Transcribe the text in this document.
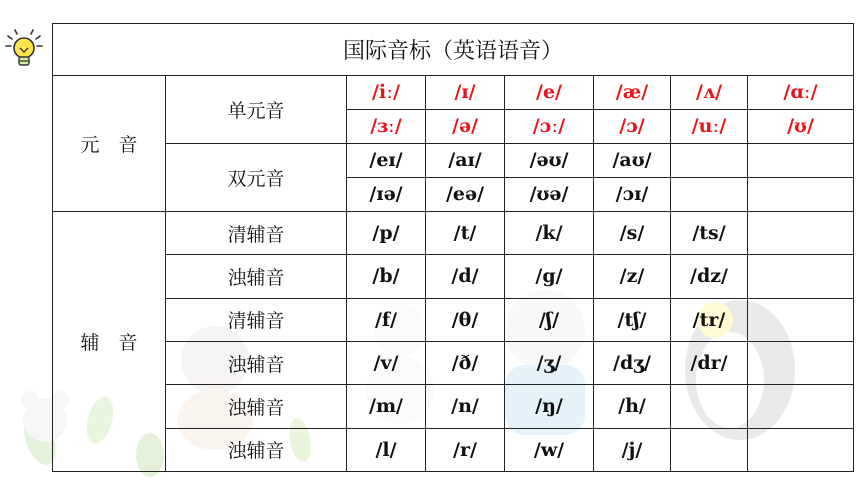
国际音标（英语语音）							
元　音	单元音	/iː/	/ɪ/	/e/	/æ/	/ʌ/	/ɑː/
		/ɜː/	/ə/	/ɔː/	/ɔ/	/uː/	/ʊ/
	双元音	/eɪ/	/aɪ/	/əʊ/	/aʊ/		
		/ɪə/	/eə/	/ʊə/	/ɔɪ/		
辅　音	清辅音	/p/	/t/	/k/	/s/	/ts/	
	浊辅音	/b/	/d/	/g/	/z/	/dz/	
	清辅音	/f/	/θ/	/ʃ/	/tʃ/	/tr/	
	浊辅音	/v/	/ð/	/ʒ/	/dʒ/	/dr/	
	浊辅音	/m/	/n/	/ŋ/	/h/		
	浊辅音	/l/	/r/	/w/	/j/		
